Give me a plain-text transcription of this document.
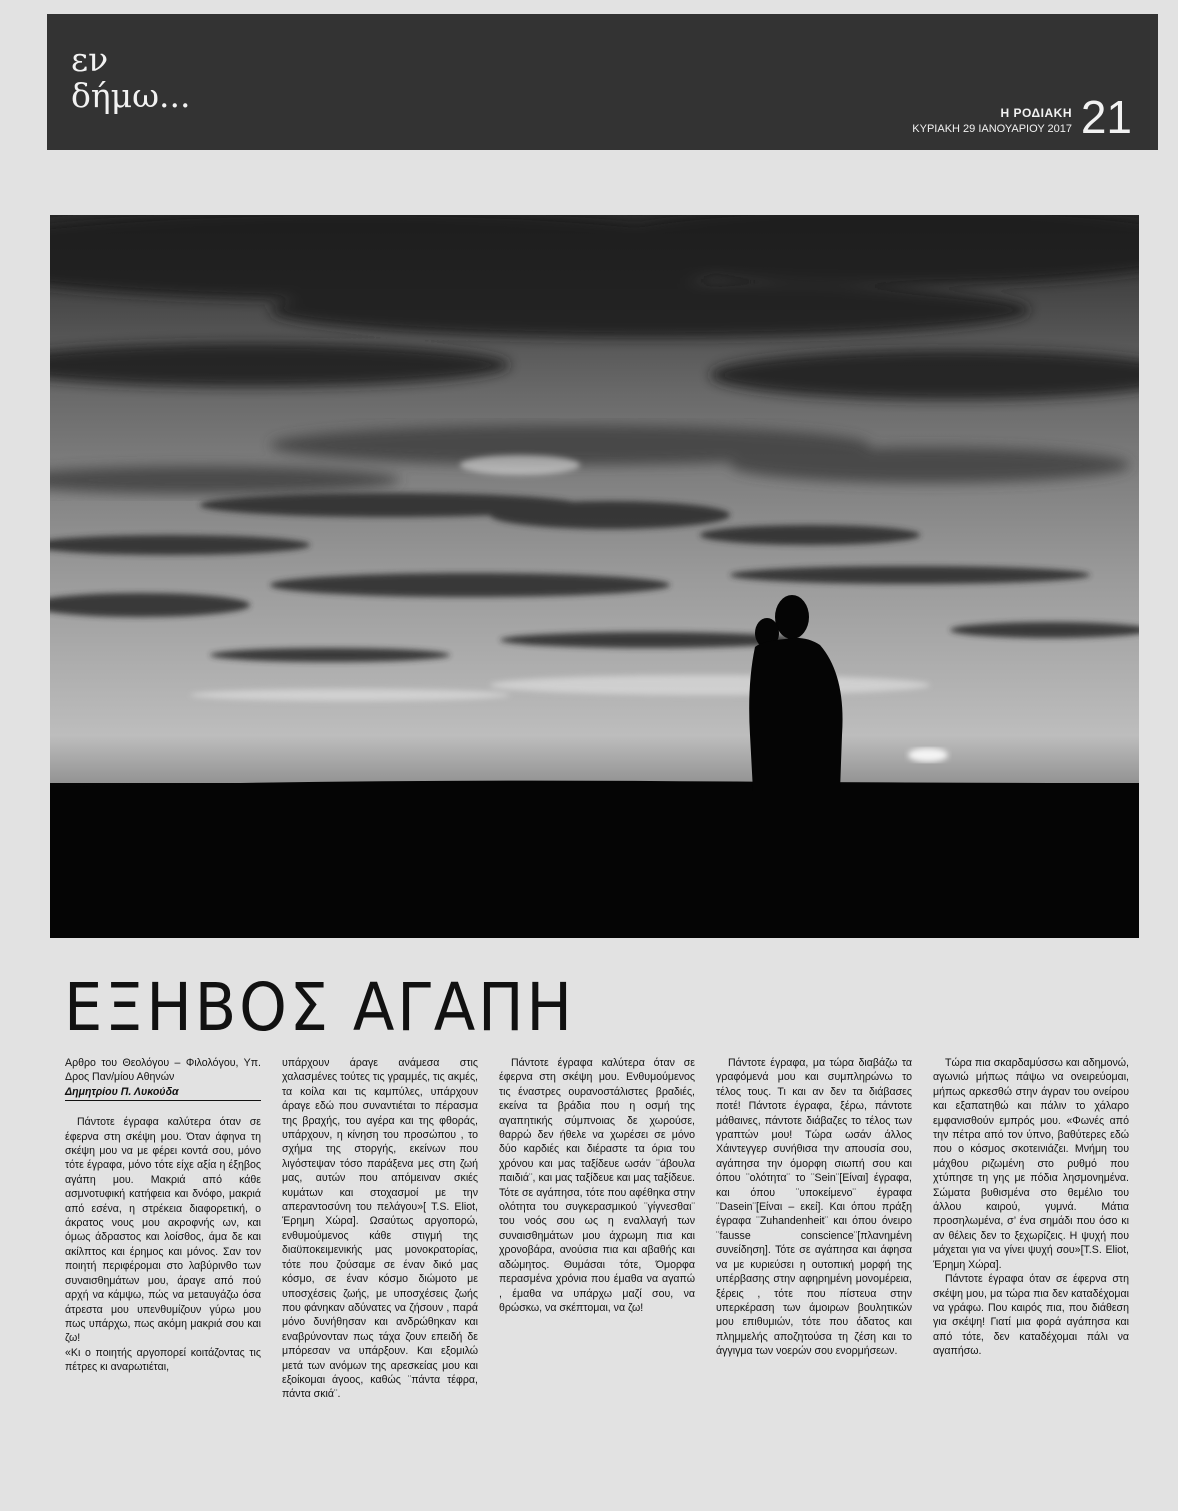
εν
δήμω...	Η ΡΟΔΙΑΚΗ
ΚΥΡΙΑΚΗ 29 ΙΑΝΟΥΑΡΙΟΥ 2017 21
ΕΞΗΒΟΣ ΑΓΑΠΗ

Αρθρο του Θεολόγου – Φιλολόγου, Υπ. Δρος Παν/μίου Αθηνών

Δημητρίου Π. Λυκούδα

Πάντοτε έγραφα καλύτερα όταν σε έφερνα στη σκέψη μου. Όταν άφηνα τη σκέψη μου να με φέρει κοντά σου, μόνο τότε έγραφα, μόνο τότε είχε αξία η έξηβος αγάπη μου. Μακριά από κάθε ασμνοτυφική κατήφεια και δνόφο, μακριά από εσένα, η στρέκεια διαφορετική, ο άκρατος νους μου ακροφνής ων, και όμως άδραστος και λοίσθος, άμα δε και ακίλπτος και έρημος και μόνος. Σαν τον ποιητή περιφέρομαι στο λαβύρινθο των συναισθημάτων μου, άραγε από πού αρχή να κάμψω, πώς να μεταυγάζω όσα άτρεστα μου υπενθυμίζουν γύρω μου πως υπάρχω, πως ακόμη μακριά σου και ζω!

«Κι ο ποιητής αργοπορεί κοιτάζοντας τις πέτρες κι αναρωτιέται,

υπάρχουν άραγε ανάμεσα στις χαλασμένες τούτες τις γραμμές, τις ακμές, τα κοίλα και τις καμπύλες, υπάρχουν άραγε εδώ που συναντιέται το πέρασμα της βραχής, του αγέρα και της φθοράς, υπάρχουν, η κίνηση του προσώπου , το σχήμα της στοργής, εκείνων που λιγόστεψαν τόσο παράξενα μες στη ζωή μας, αυτών που απόμειναν σκιές κυμάτων και στοχασμοί με την απεραντοσύνη του πελάγου»[ T.S. Eliot, Έρημη Χώρα]. Ωσαύτως αργοπορώ, ενθυμούμενος κάθε στιγμή της διαϋποκειμενικής μας μονοκρατορίας, τότε που ζούσαμε σε έναν δικό μας κόσμο, σε έναν κόσμο διώμοτο με υποσχέσεις ζωής, με υποσχέσεις ζωής που φάνηκαν αδύνατες να ζήσουν , παρά μόνο δυνήθησαν και ανδρώθηκαν και εναβρύνονταν πως τάχα ζουν επειδή δε μπόρεσαν να υπάρξουν. Και εξομιλώ μετά των ανόμων της αρεσκείας μου και εξοίκομαι άγοος, καθώς ¨πάντα τέφρα, πάντα σκιά¨.

Πάντοτε έγραφα καλύτερα όταν σε έφερνα στη σκέψη μου. Ενθυμούμενος τις έναστρες ουρανοστάλιστες βραδιές, εκείνα τα βράδια που η οσμή της αγαπητικής σύμπνοιας δε χωρούσε, θαρρώ δεν ήθελε να χωρέσει σε μόνο δύο καρδιές και διέραστε τα όρια του χρόνου και μας ταξίδευε ωσάν ¨άβουλα παιδιά¨, και μας ταξίδευε και μας ταξίδευε. Τότε σε αγάπησα, τότε που αφέθηκα στην ολότητα του συγκερασμικού ¨γίγνεσθαι¨ του νοός σου ως η εναλλαγή των συναισθημάτων μου άχρωμη πια και χρονοβάρα, ανούσια πια και αβαθής και αδώμητος. Θυμάσαι τότε, Όμορφα περασμένα χρόνια που έμαθα να αγαπώ , έμαθα να υπάρχω μαζί σου, να θρώσκω, να σκέπτομαι, να ζω!

Πάντοτε έγραφα, μα τώρα διαβάζω τα γραφόμενά μου και συμπληρώνω το τέλος τους. Τι και αν δεν τα διάβασες ποτέ! Πάντοτε έγραφα, ξέρω, πάντοτε μάθαινες, πάντοτε διάβαζες το τέλος των γραπτών μου! Τώρα ωσάν άλλος Χάιντεγγερ συνήθισα την απουσία σου, αγάπησα την όμορφη σιωπή σου και όπου ¨ολότητα¨ το ¨Sein¨[Είναι] έγραφα, και όπου ¨υποκείμενο¨ έγραφα ¨Dasein¨[Είναι – εκεί]. Και όπου πράξη έγραφα ¨Zuhandenheit¨ και όπου όνειρο ¨fausse conscience¨[πλανημένη συνείδηση]. Τότε σε αγάπησα και άφησα να με κυριεύσει η ουτοπική μορφή της υπέρβασης στην αφηρημένη μονομέρεια, ξέρεις , τότε που πίστευα στην υπερκέραση των άμοιρων βουλητικών μου επιθυμιών, τότε που άδατος και πλημμελής αποζητούσα τη ζέση και το άγγιγμα των νοερών σου ενορμήσεων.

Τώρα πια σκαρδαμύσσω και αδημονώ, αγωνιώ μήπως πάψω να ονειρεύομαι, μήπως αρκεσθώ στην άγραν του ονείρου και εξαπατηθώ και πάλιν το χάλαρο εμφανισθούν εμπρός μου. «Φωνές από την πέτρα από τον ύπνο, βαθύτερες εδώ που ο κόσμος σκοτεινιάζει. Μνήμη του μάχθου ριζωμένη στο ρυθμό που χτύπησε τη γης με πόδια λησμονημένα. Σώματα βυθισμένα στο θεμέλιο του άλλου καιρού, γυμνά. Μάτια προσηλωμένα, σ’ ένα σημάδι που όσο κι αν θέλεις δεν το ξεχωρίζεις. Η ψυχή που μάχεται για να γίνει ψυχή σου»[T.S. Eliot, Έρημη Χώρα].

Πάντοτε έγραφα όταν σε έφερνα στη σκέψη μου, μα τώρα πια δεν καταδέχομαι να γράφω. Που καιρός πια, που διάθεση για σκέψη! Γιατί μια φορά αγάπησα και από τότε, δεν καταδέχομαι πάλι να αγαπήσω.
